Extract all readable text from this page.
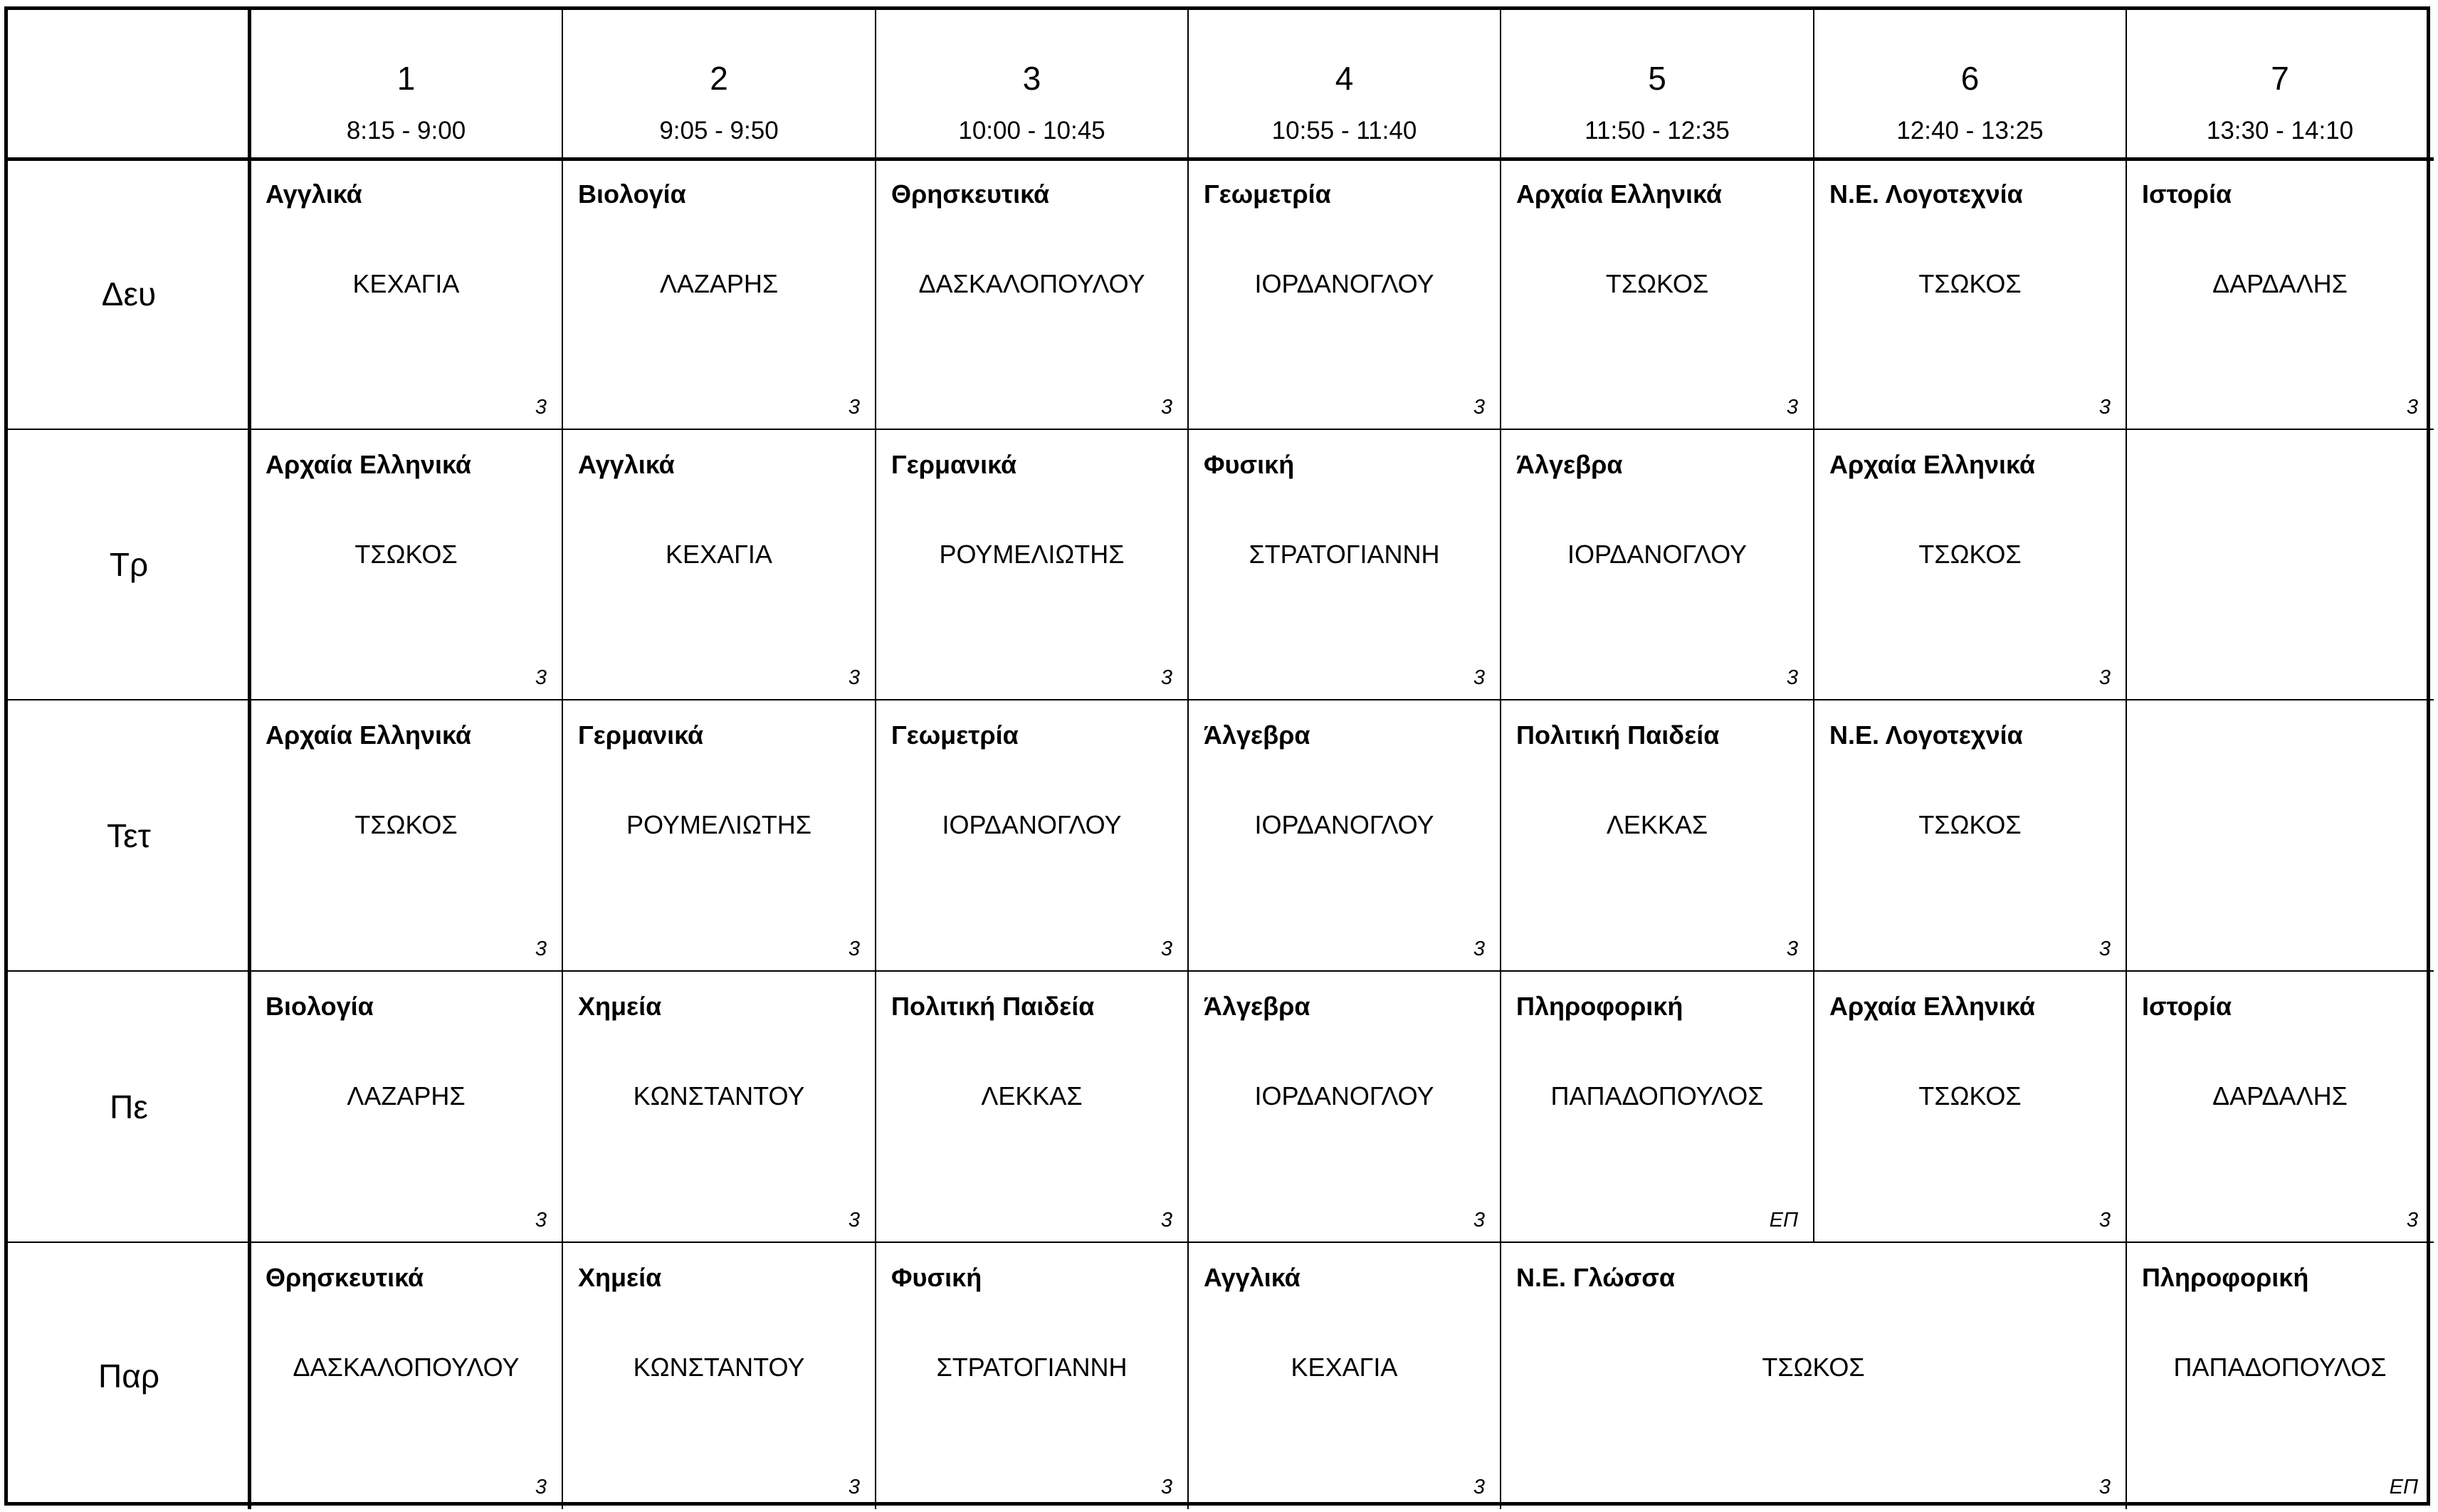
1
8:15 - 9:00
2
9:05 - 9:50
3
10:00 - 10:45
4
10:55 - 11:40
5
11:50 - 12:35
6
12:40 - 13:25
7
13:30 - 14:10
Δευ
Αγγλικά
ΚΕΧΑΓΙΑ
3
Βιολογία
ΛΑΖΑΡΗΣ
3
Θρησκευτικά
ΔΑΣΚΑΛΟΠΟΥΛΟΥ
3
Γεωμετρία
ΙΟΡΔΑΝΟΓΛΟΥ
3
Αρχαία Ελληνικά
ΤΣΩΚΟΣ
3
Ν.Ε. Λογοτεχνία
ΤΣΩΚΟΣ
3
Ιστορία
ΔΑΡΔΑΛΗΣ
3
Τρ
Αρχαία Ελληνικά
ΤΣΩΚΟΣ
3
Αγγλικά
ΚΕΧΑΓΙΑ
3
Γερμανικά
ΡΟΥΜΕΛΙΩΤΗΣ
3
Φυσική
ΣΤΡΑΤΟΓΙΑΝΝΗ
3
Άλγεβρα
ΙΟΡΔΑΝΟΓΛΟΥ
3
Αρχαία Ελληνικά
ΤΣΩΚΟΣ
3
Τετ
Αρχαία Ελληνικά
ΤΣΩΚΟΣ
3
Γερμανικά
ΡΟΥΜΕΛΙΩΤΗΣ
3
Γεωμετρία
ΙΟΡΔΑΝΟΓΛΟΥ
3
Άλγεβρα
ΙΟΡΔΑΝΟΓΛΟΥ
3
Πολιτική Παιδεία
ΛΕΚΚΑΣ
3
Ν.Ε. Λογοτεχνία
ΤΣΩΚΟΣ
3
Πε
Βιολογία
ΛΑΖΑΡΗΣ
3
Χημεία
ΚΩΝΣΤΑΝΤΟΥ
3
Πολιτική Παιδεία
ΛΕΚΚΑΣ
3
Άλγεβρα
ΙΟΡΔΑΝΟΓΛΟΥ
3
Πληροφορική
ΠΑΠΑΔΟΠΟΥΛΟΣ
ΕΠ
Αρχαία Ελληνικά
ΤΣΩΚΟΣ
3
Ιστορία
ΔΑΡΔΑΛΗΣ
3
Παρ
Θρησκευτικά
ΔΑΣΚΑΛΟΠΟΥΛΟΥ
3
Χημεία
ΚΩΝΣΤΑΝΤΟΥ
3
Φυσική
ΣΤΡΑΤΟΓΙΑΝΝΗ
3
Αγγλικά
ΚΕΧΑΓΙΑ
3
Ν.Ε. Γλώσσα
ΤΣΩΚΟΣ
3
Πληροφορική
ΠΑΠΑΔΟΠΟΥΛΟΣ
ΕΠ
